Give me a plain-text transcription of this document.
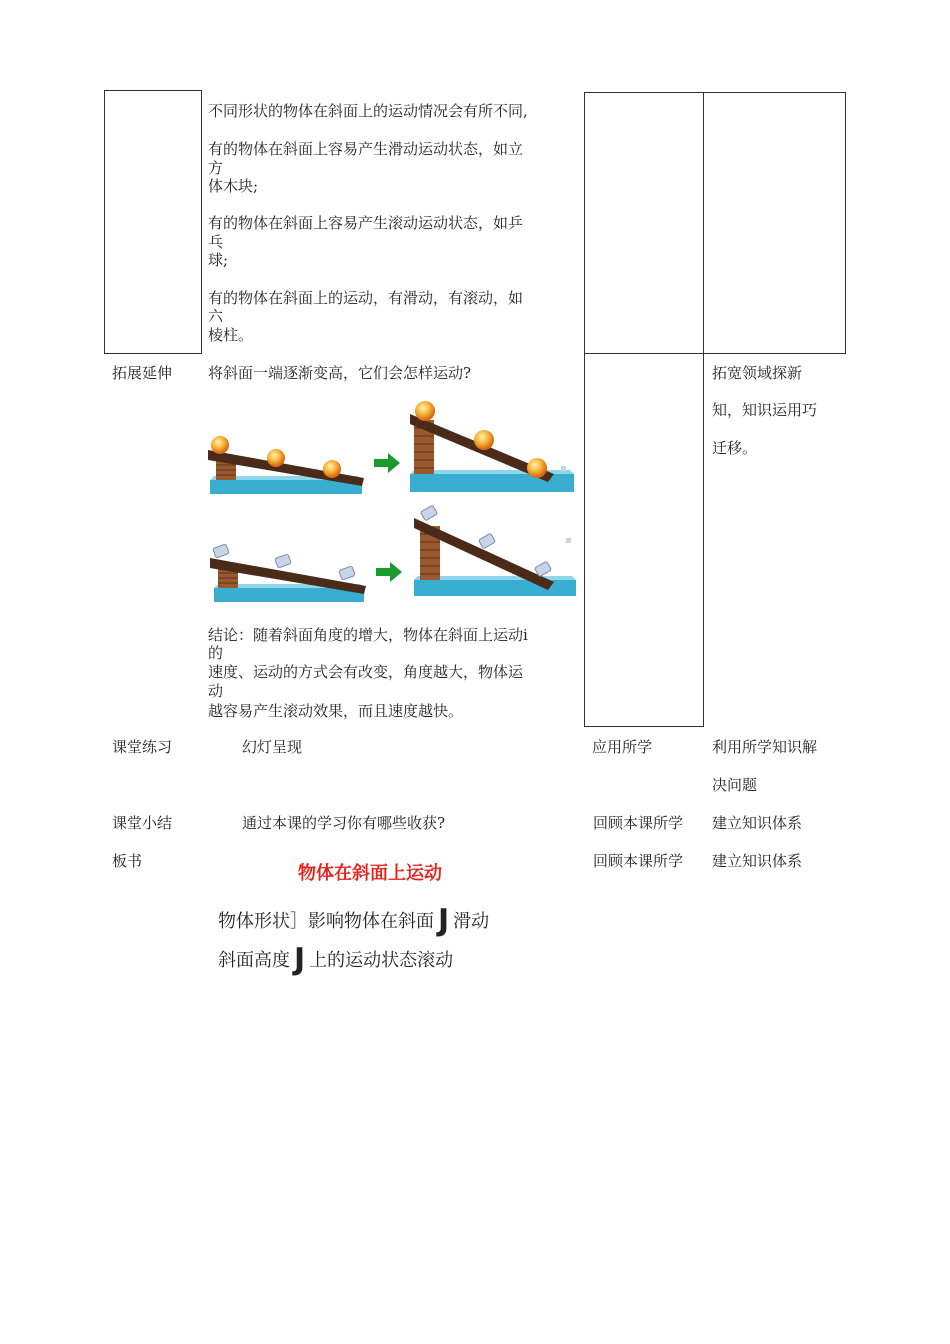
不同形状的物体在斜面上的运动情况会有所不同,
有的物体在斜面上容易产生滑动运动状态，如立
方
体木块;
有的物体在斜面上容易产生滚动运动状态，如乒
乓
球;
有的物体在斜面上的运动，有滑动，有滚动，如
六
棱柱。
拓展延伸 将斜面一端逐渐变高，它们会怎样运动?
结论：随着斜面角度的增大，物体在斜面上运动i
的
速度、运动的方式会有改变，角度越大，物体运
动
越容易产生滚动效果，而且速度越快。
拓宽领域探新
知，知识运用巧
迁移。
课堂练习	幻灯呈现	应用所学	利用所学知识解
决问题
课堂小结	通过本课的学习你有哪些收获?	回顾本课所学 建立知识体系
板书	回顾本课所学 建立知识体系
物体在斜面上运动
物体形状］影响物体在斜面 J 滑动
斜面高度 J 上的运动状态滚动
